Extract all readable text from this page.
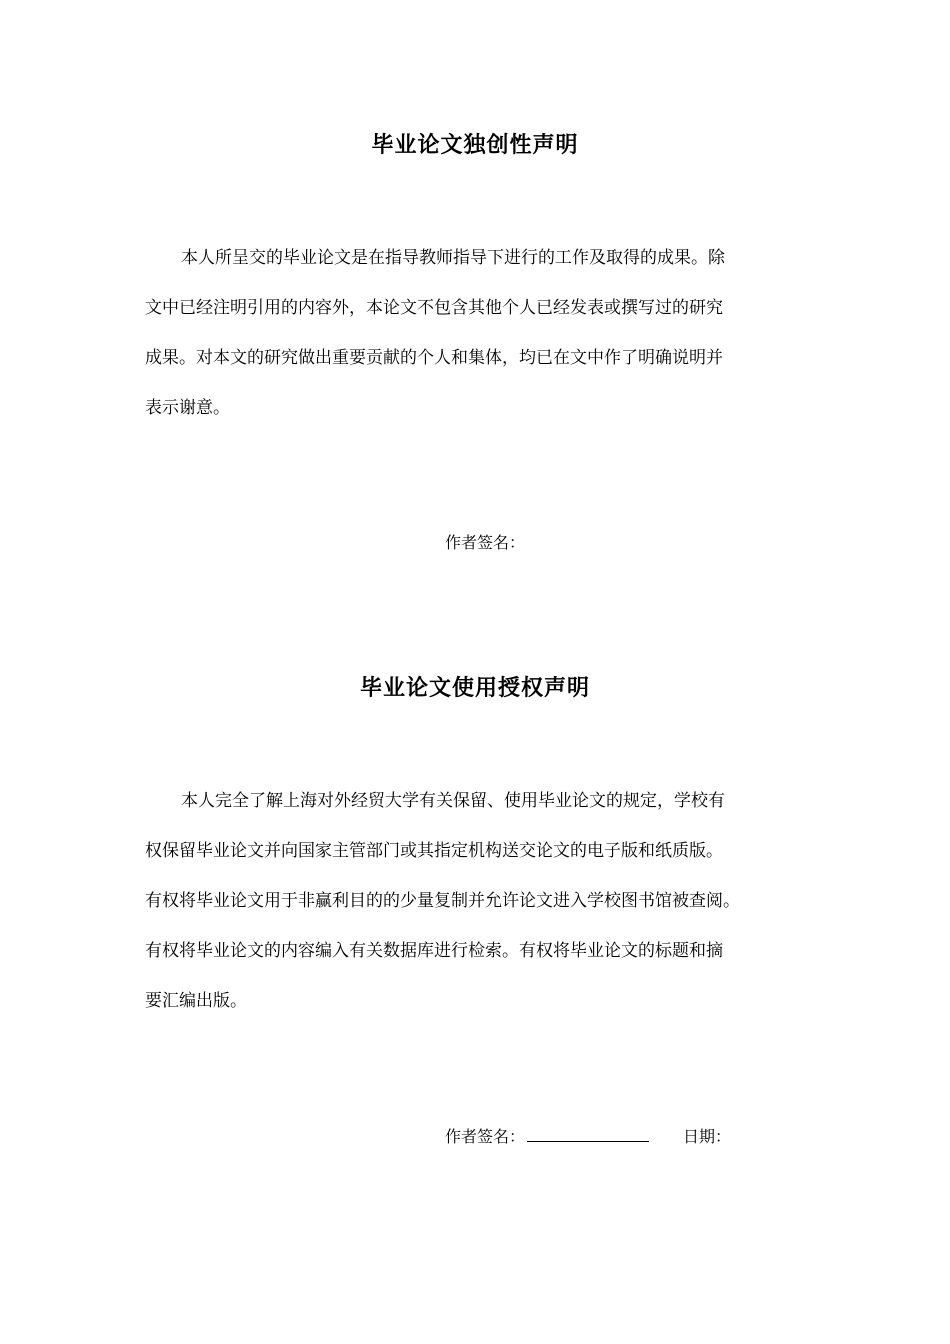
毕业论文独创性声明
本人所呈交的毕业论文是在指导教师指导下进行的工作及取得的成果。除
文中已经注明引用的内容外，本论文不包含其他个人已经发表或撰写过的研究
成果。对本文的研究做出重要贡献的个人和集体，均已在文中作了明确说明并
表示谢意。
作者签名：
毕业论文使用授权声明
本人完全了解上海对外经贸大学有关保留、使用毕业论文的规定，学校有
权保留毕业论文并向国家主管部门或其指定机构送交论文的电子版和纸质版。
有权将毕业论文用于非赢利目的的少量复制并允许论文进入学校图书馆被查阅。
有权将毕业论文的内容编入有关数据库进行检索。有权将毕业论文的标题和摘
要汇编出版。
作者签名：	日期：
